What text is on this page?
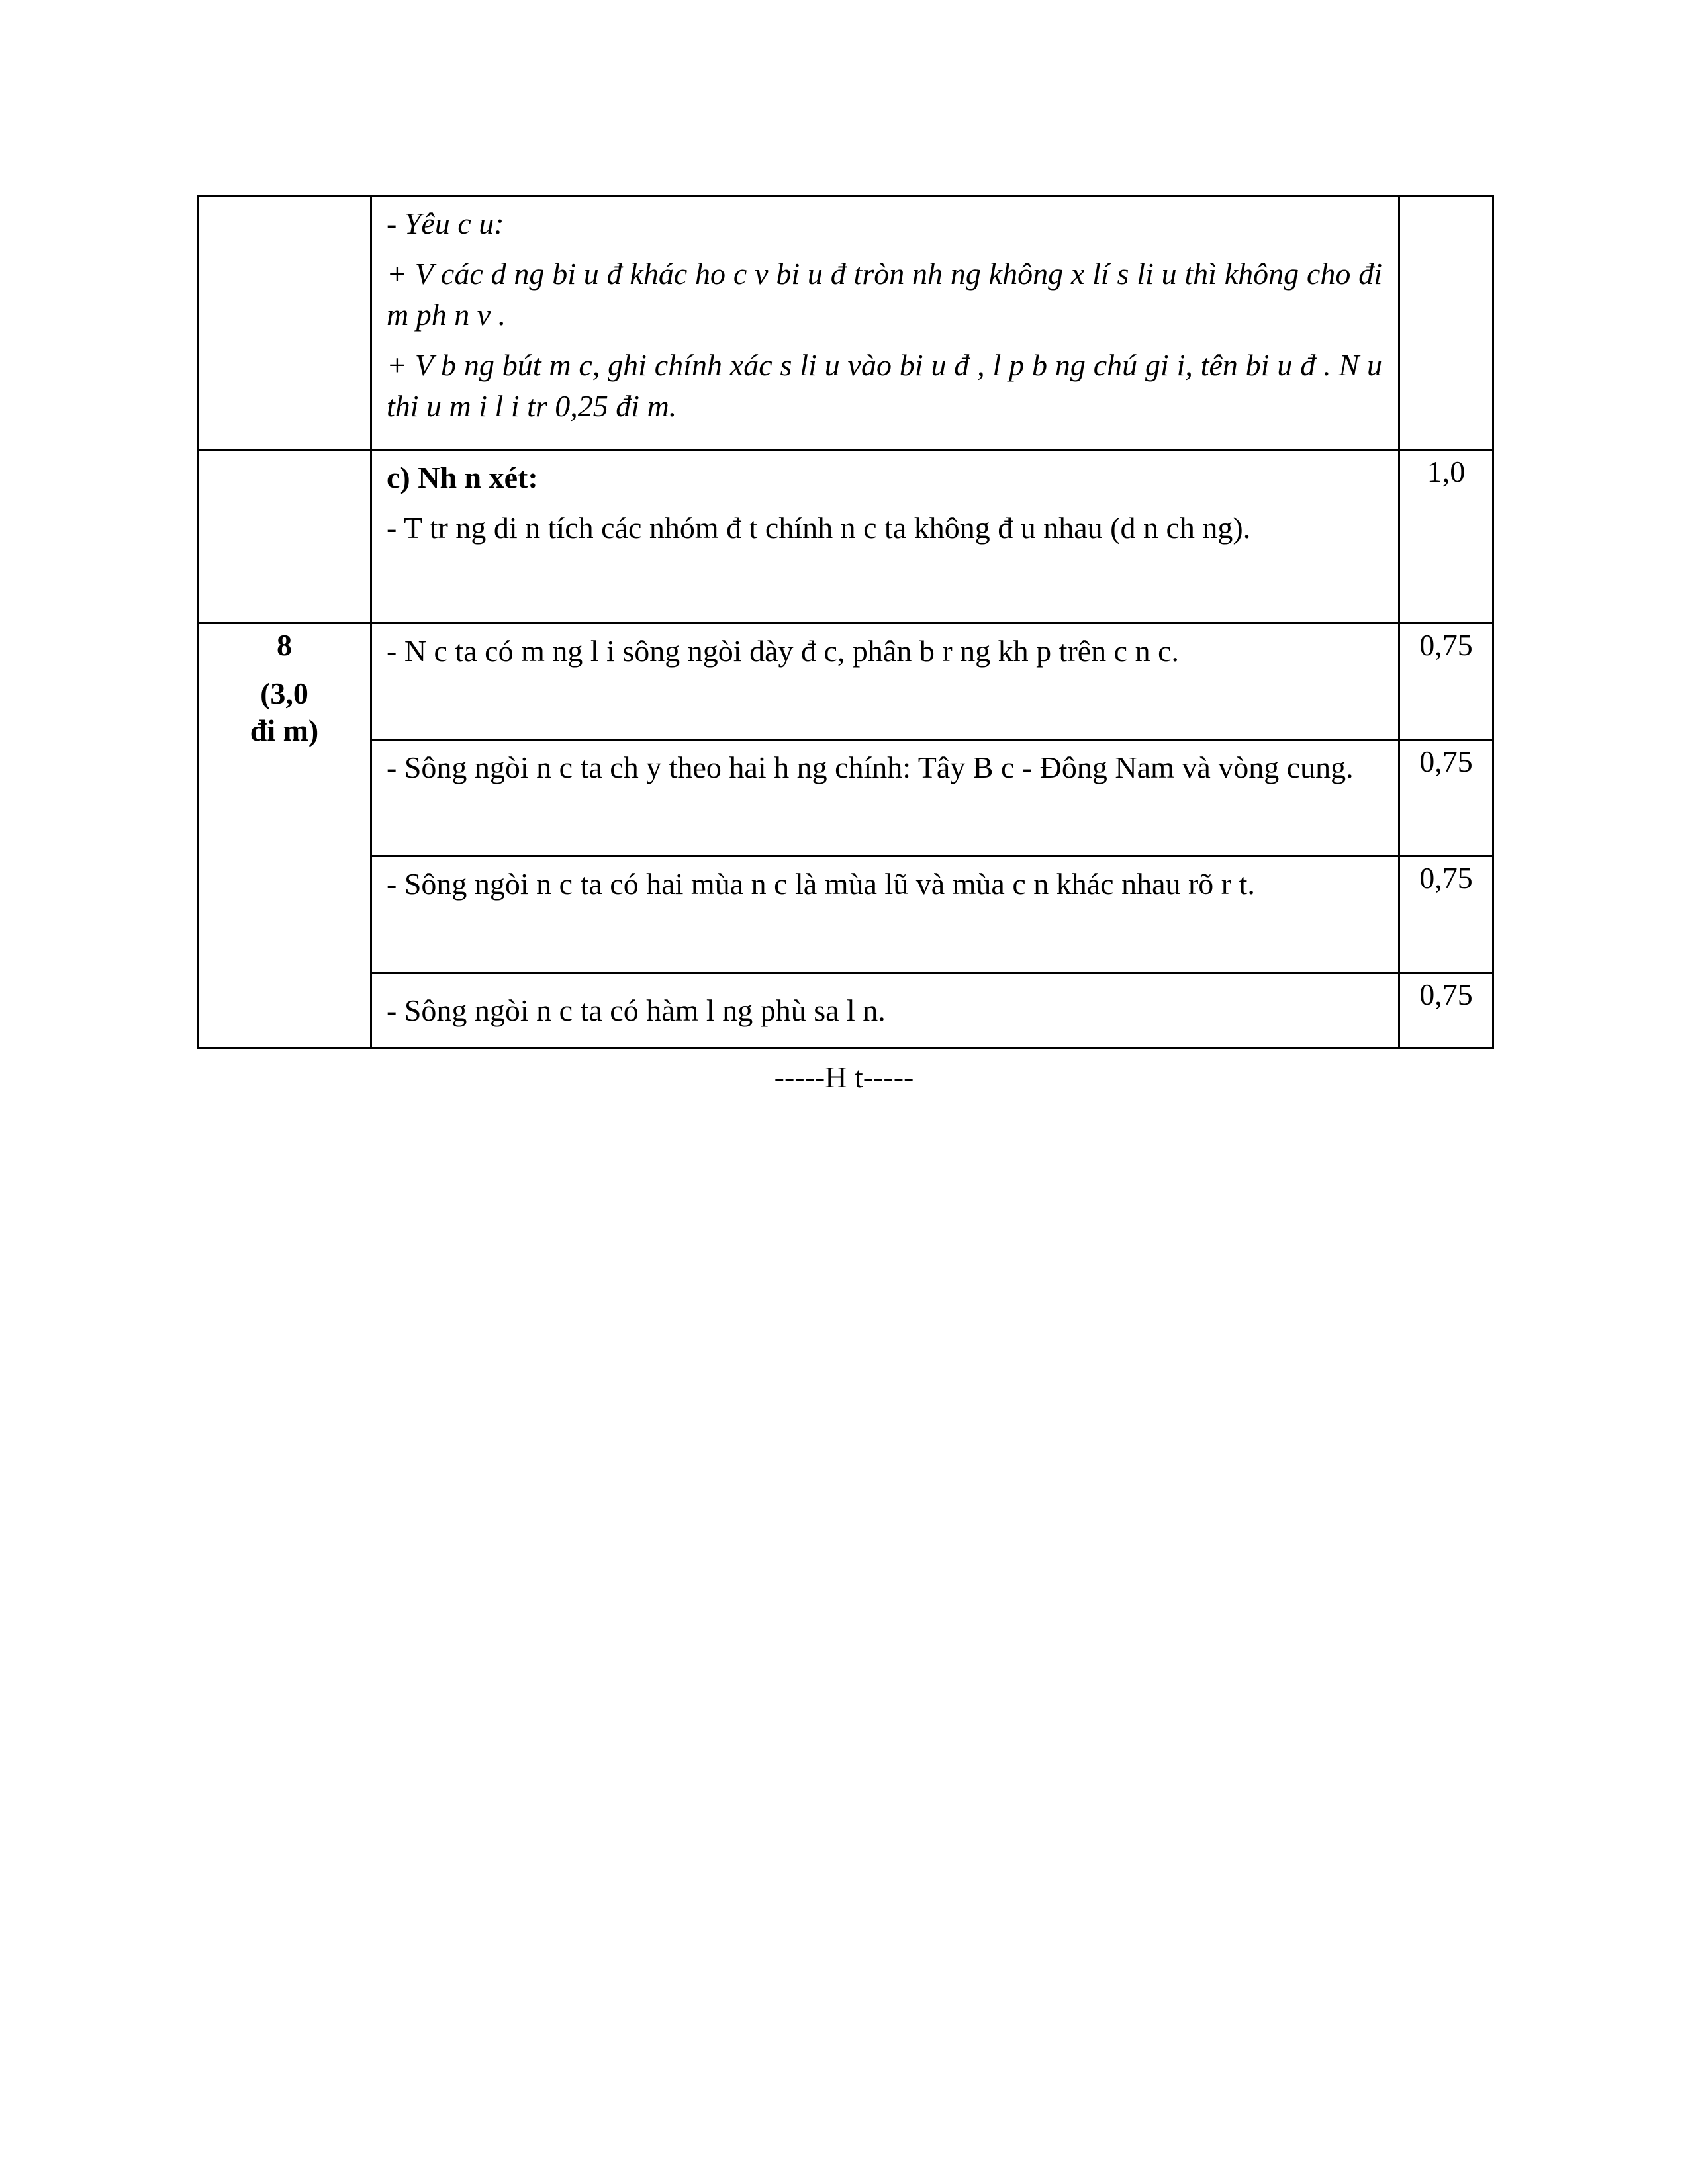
	- Yêu c u:

+ V các d ng bi u đ khác ho c v bi u đ tròn nh ng không x lí s li u thì không cho đi m ph n v .

+ V b ng bút m c, ghi chính xác s li u vào bi u đ , l p b ng chú gi i, tên bi u đ . N u thi u m i l i tr 0,25 đi m.	

	c) Nh n xét:

- T tr ng di n tích các nhóm đ t chính n c ta không đ u nhau (d n ch ng).	1,0

8
(3,0
đi m)	- N c ta có m ng l i sông ngòi dày đ c, phân b r ng kh p trên c n c.	0,75

	- Sông ngòi n c ta ch y theo hai h ng chính: Tây B c - Đông Nam và vòng cung.	0,75

	- Sông ngòi n c ta có hai mùa n c là mùa lũ và mùa c n khác nhau rõ r t.	0,75

	- Sông ngòi n c ta có hàm l ng phù sa l n.	0,75
-----H t-----
